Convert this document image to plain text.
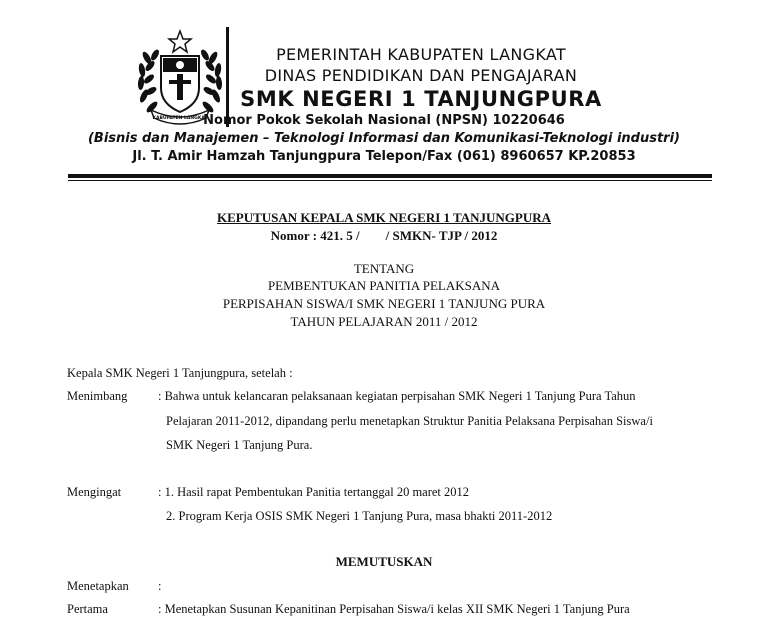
KABUPATEN LANGKAT
PEMERINTAH KABUPATEN LANGKAT
DINAS PENDIDIKAN DAN PENGAJARAN
SMK NEGERI 1 TANJUNGPURA
Nomor Pokok Sekolah Nasional (NPSN) 10220646
(Bisnis dan Manajemen – Teknologi Informasi dan Komunikasi-Teknologi industri)
Jl. T. Amir Hamzah Tanjungpura Telepon/Fax (061) 8960657 KP.20853
KEPUTUSAN KEPALA SMK NEGERI 1 TANJUNGPURA
Nomor : 421. 5 /        / SMKN- TJP / 2012
TENTANG
PEMBENTUKAN PANITIA PELAKSANA
PERPISAHAN SISWA/I SMK NEGERI 1 TANJUNG PURA
TAHUN PELAJARAN 2011 / 2012
Kepala SMK Negeri 1 Tanjungpura, setelah :
Menimbang : Bahwa untuk kelancaran pelaksanaan kegiatan perpisahan SMK Negeri 1 Tanjung Pura Tahun
Pelajaran 2011-2012, dipandang perlu menetapkan Struktur Panitia Pelaksana Perpisahan Siswa/i
SMK Negeri 1 Tanjung Pura.
Mengingat	: 1. Hasil rapat Pembentukan Panitia tertanggal 20 maret 2012
2. Program Kerja OSIS SMK Negeri 1 Tanjung Pura, masa bhakti 2011-2012
MEMUTUSKAN
Menetapkan :
Pertama	: Menetapkan Susunan Kepanitinan Perpisahan Siswa/i kelas XII SMK Negeri 1 Tanjung Pura
